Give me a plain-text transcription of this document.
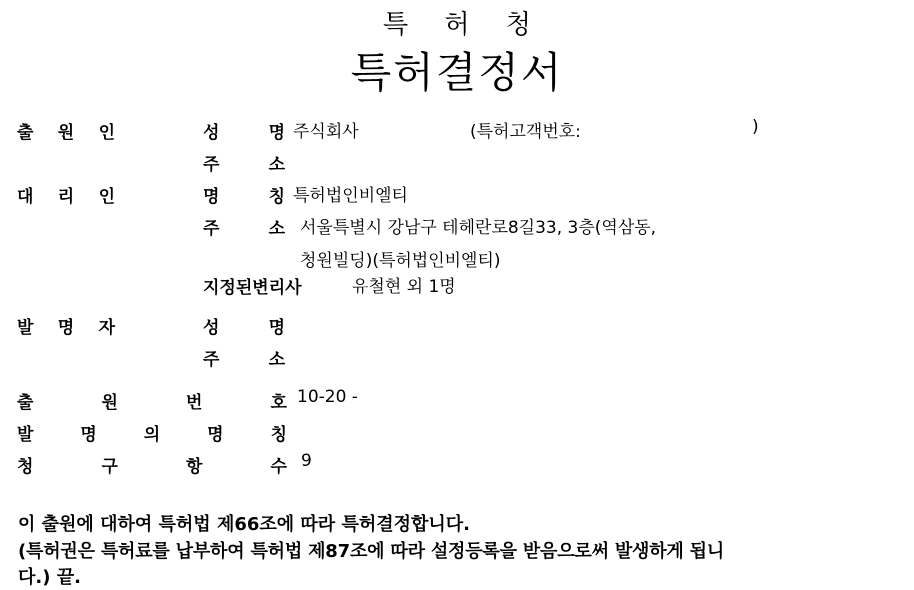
특 허 청
특허결정서
출 원 인	성	명 주식회사	(특허고객번호:	)
주	소
대 리 인	명	칭 특허법인비엘티
주	소 서울특별시 강남구 테헤란로8길33, 3층(역삼동,
청원빌딩)(특허법인비엘티)
지정된변리사	유철현 외 1명
발 명 자	성	명
주	소
출	원	번	호 10-20 -
발	명	의	명	칭
청	구	항	수 9
이 출원에 대하여 특허법 제66조에 따라 특허결정합니다.
(특허권은 특허료를 납부하여 특허법 제87조에 따라 설정등록을 받음으로써 발생하게 됩니
다.) 끝.
